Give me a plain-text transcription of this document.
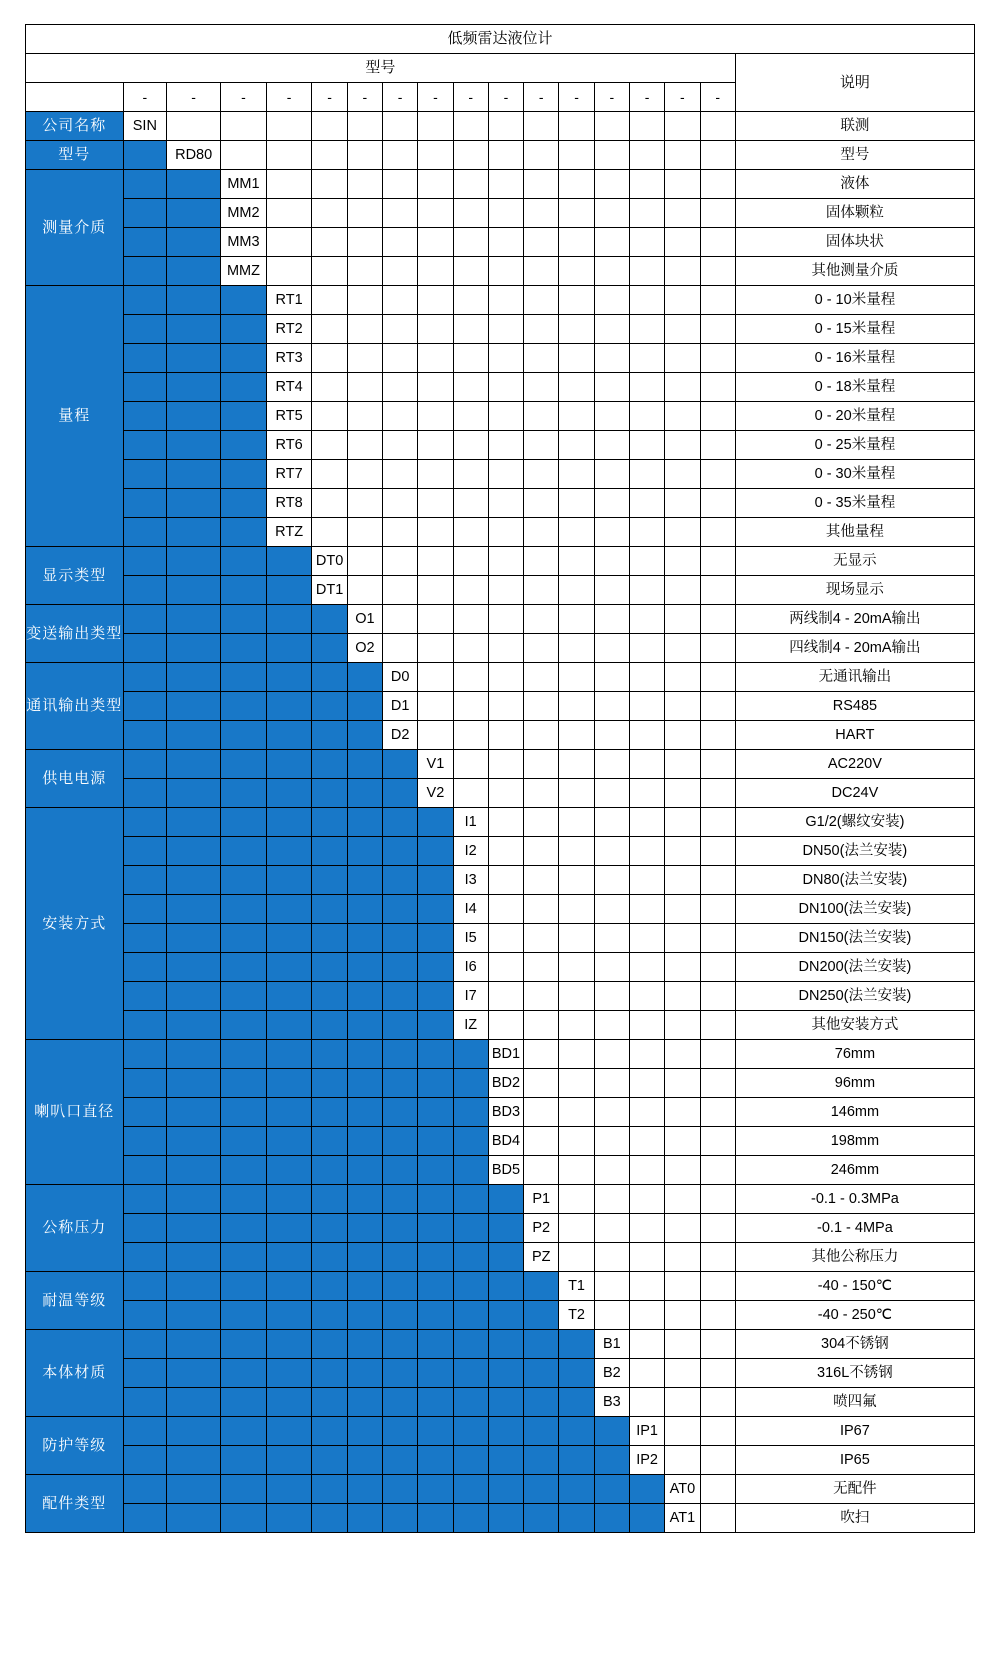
低频雷达液位计																	
型号																	说明
	-	-	-	-	-	-	-	-	-	-	-	-	-	-	-	-	
公司名称	SIN																联测
型号		RD80															型号
测量介质			MM1														液体
			MM2														固体颗粒
			MM3														固体块状
			MMZ														其他测量介质
量程				RT1													0 - 10米量程
				RT2													0 - 15米量程
				RT3													0 - 16米量程
				RT4													0 - 18米量程
				RT5													0 - 20米量程
				RT6													0 - 25米量程
				RT7													0 - 30米量程
				RT8													0 - 35米量程
				RTZ													其他量程
显示类型					DT0												无显示
					DT1												现场显示
变送输出类型						O1											两线制4 - 20mA输出
						O2											四线制4 - 20mA输出
通讯输出类型							D0										无通讯输出
							D1										RS485
							D2										HART
供电电源								V1									AC220V
								V2									DC24V
安装方式									I1								G1/2(螺纹安装)
									I2								DN50(法兰安装)
									I3								DN80(法兰安装)
									I4								DN100(法兰安装)
									I5								DN150(法兰安装)
									I6								DN200(法兰安装)
									I7								DN250(法兰安装)
									IZ								其他安装方式
喇叭口直径										BD1							76mm
										BD2							96mm
										BD3							146mm
										BD4							198mm
										BD5							246mm
公称压力											P1						-0.1 - 0.3MPa
											P2						-0.1 - 4MPa
											PZ						其他公称压力
耐温等级												T1					-40 - 150℃
												T2					-40 - 250℃
本体材质													B1				304不锈钢
													B2				316L不锈钢
													B3				喷四氟
防护等级														IP1			IP67
														IP2			IP65
配件类型															AT0		无配件
															AT1		吹扫
